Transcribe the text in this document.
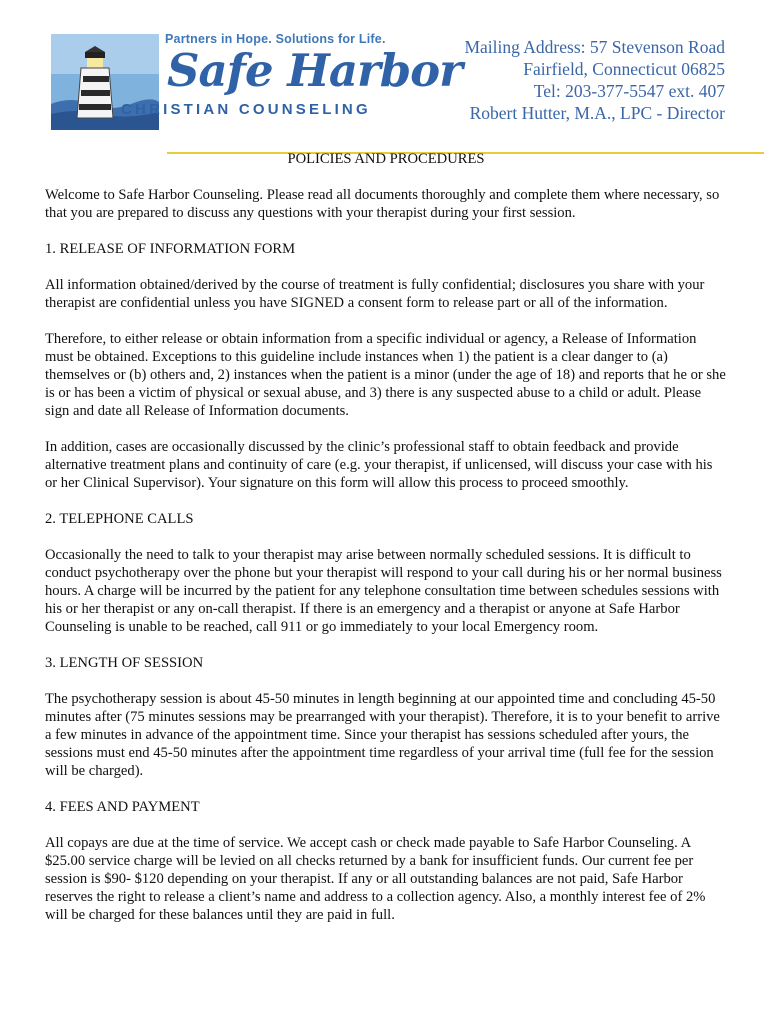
Partners in Hope. Solutions for Life.
Safe Harbor
CHRISTIAN COUNSELING
Mailing Address: 57 Stevenson Road
Fairfield, Connecticut 06825
Tel: 203-377-5547 ext. 407
Robert Hutter, M.A., LPC - Director
POLICIES AND PROCEDURES

Welcome to Safe Harbor Counseling. Please read all documents thoroughly and complete them where necessary, so that you are prepared to discuss any questions with your therapist during your first session.

1. RELEASE OF INFORMATION FORM

All information obtained/derived by the course of treatment is fully confidential; disclosures you share with your therapist are confidential unless you have SIGNED a consent form to release part or all of the information.

Therefore, to either release or obtain information from a specific individual or agency, a Release of Information must be obtained. Exceptions to this guideline include instances when 1) the patient is a clear danger to (a) themselves or (b) others and, 2) instances when the patient is a minor (under the age of 18) and reports that he or she is or has been a victim of physical or sexual abuse, and 3) there is any suspected abuse to a child or adult. Please sign and date all Release of Information documents.

In addition, cases are occasionally discussed by the clinic’s professional staff to obtain feedback and provide alternative treatment plans and continuity of care (e.g. your therapist, if unlicensed, will discuss your case with his or her Clinical Supervisor). Your signature on this form will allow this process to proceed smoothly.

2. TELEPHONE CALLS

Occasionally the need to talk to your therapist may arise between normally scheduled sessions. It is difficult to conduct psychotherapy over the phone but your therapist will respond to your call during his or her normal business hours. A charge will be incurred by the patient for any telephone consultation time between schedules sessions with his or her therapist or any on-call therapist. If there is an emergency and a therapist or anyone at Safe Harbor Counseling is unable to be reached, call 911 or go immediately to your local Emergency room.

3. LENGTH OF SESSION

The psychotherapy session is about 45-50 minutes in length beginning at our appointed time and concluding 45-50 minutes after (75 minutes sessions may be prearranged with your therapist). Therefore, it is to your benefit to arrive a few minutes in advance of the appointment time. Since your therapist has sessions scheduled after yours, the sessions must end 45-50 minutes after the appointment time regardless of your arrival time (full fee for the session will be charged).

4. FEES AND PAYMENT

All copays are due at the time of service. We accept cash or check made payable to Safe Harbor Counseling. A $25.00 service charge will be levied on all checks returned by a bank for insufficient funds. Our current fee per session is $90- $120 depending on your therapist. If any or all outstanding balances are not paid, Safe Harbor reserves the right to release a client’s name and address to a collection agency. Also, a monthly interest fee of 2% will be charged for these balances until they are paid in full.
